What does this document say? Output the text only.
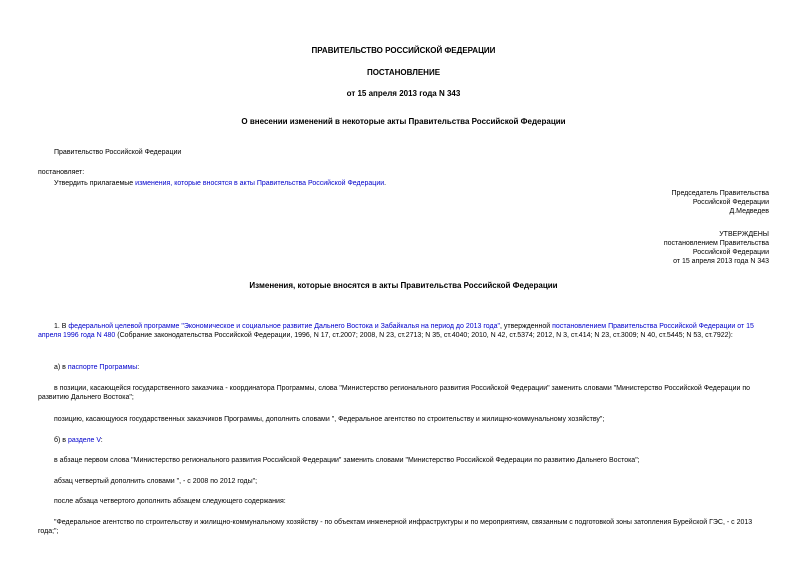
ПРАВИТЕЛЬСТВО РОССИЙСКОЙ ФЕДЕРАЦИИ
ПОСТАНОВЛЕНИЕ
от 15 апреля 2013 года N 343
О внесении изменений в некоторые акты Правительства Российской Федерации
Правительство Российской Федерации
постановляет:
Утвердить прилагаемые изменения, которые вносятся в акты Правительства Российской Федерации.
Председатель Правительства
Российской Федерации
Д.Медведев
УТВЕРЖДЕНЫ
постановлением Правительства
Российской Федерации
от 15 апреля 2013 года N 343
Изменения, которые вносятся в акты Правительства Российской Федерации
1. В федеральной целевой программе "Экономическое и социальное развитие Дальнего Востока и Забайкалья на период до 2013 года", утвержденной постановлением Правительства Российской Федерации от 15 апреля 1996 года N 480 (Собрание законодательства Российской Федерации, 1996, N 17, ст.2007; 2008, N 23, ст.2713; N 35, ст.4040; 2010, N 42, ст.5374; 2012, N 3, ст.414; N 23, ст.3009; N 40, ст.5445; N 53, ст.7922):
а) в паспорте Программы:
в позиции, касающейся государственного заказчика - координатора Программы, слова "Министерство регионального развития Российской Федерации" заменить словами "Министерство Российской Федерации по развитию Дальнего Востока";
позицию, касающуюся государственных заказчиков Программы, дополнить словами ", Федеральное агентство по строительству и жилищно-коммунальному хозяйству";
б) в разделе V:
в абзаце первом слова "Министерство регионального развития Российской Федерации" заменить словами "Министерство Российской Федерации по развитию Дальнего Востока";
абзац четвертый дополнить словами ", - с 2008 по 2012 годы";
после абзаца четвертого дополнить абзацем следующего содержания:
"Федеральное агентство по строительству и жилищно-коммунальному хозяйству - по объектам инженерной инфраструктуры и по мероприятиям, связанным с подготовкой зоны затопления Бурейской ГЭС, - с 2013 года;";
